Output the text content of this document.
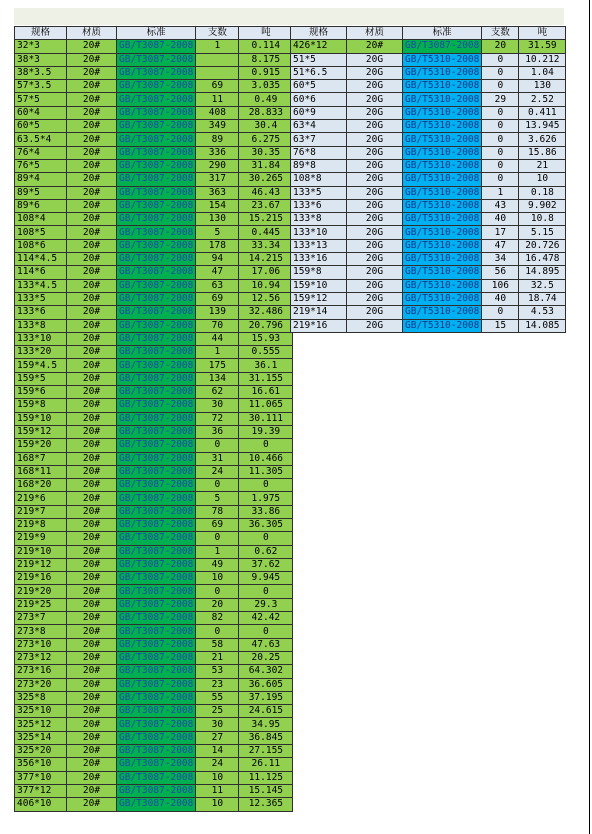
规格	材质	标准	支数	吨
32*3	20#	GB/T3087-2008	1	0.114
38*3	20#	GB/T3087-2008		8.175
38*3.5	20#	GB/T3087-2008		0.915
57*3.5	20#	GB/T3087-2008	69	3.035
57*5	20#	GB/T3087-2008	11	0.49
60*4	20#	GB/T3087-2008	408	28.833
60*5	20#	GB/T3087-2008	349	30.4
63.5*4	20#	GB/T3087-2008	89	6.275
76*4	20#	GB/T3087-2008	336	30.35
76*5	20#	GB/T3087-2008	290	31.84
89*4	20#	GB/T3087-2008	317	30.265
89*5	20#	GB/T3087-2008	363	46.43
89*6	20#	GB/T3087-2008	154	23.67
108*4	20#	GB/T3087-2008	130	15.215
108*5	20#	GB/T3087-2008	5	0.445
108*6	20#	GB/T3087-2008	178	33.34
114*4.5	20#	GB/T3087-2008	94	14.215
114*6	20#	GB/T3087-2008	47	17.06
133*4.5	20#	GB/T3087-2008	63	10.94
133*5	20#	GB/T3087-2008	69	12.56
133*6	20#	GB/T3087-2008	139	32.486
133*8	20#	GB/T3087-2008	70	20.796
133*10	20#	GB/T3087-2008	44	15.93
133*20	20#	GB/T3087-2008	1	0.555
159*4.5	20#	GB/T3087-2008	175	36.1
159*5	20#	GB/T3087-2008	134	31.155
159*6	20#	GB/T3087-2008	62	16.61
159*8	20#	GB/T3087-2008	30	11.065
159*10	20#	GB/T3087-2008	72	30.111
159*12	20#	GB/T3087-2008	36	19.39
159*20	20#	GB/T3087-2008	0	0
168*7	20#	GB/T3087-2008	31	10.466
168*11	20#	GB/T3087-2008	24	11.305
168*20	20#	GB/T3087-2008	0	0
219*6	20#	GB/T3087-2008	5	1.975
219*7	20#	GB/T3087-2008	78	33.86
219*8	20#	GB/T3087-2008	69	36.305
219*9	20#	GB/T3087-2008	0	0
219*10	20#	GB/T3087-2008	1	0.62
219*12	20#	GB/T3087-2008	49	37.62
219*16	20#	GB/T3087-2008	10	9.945
219*20	20#	GB/T3087-2008	0	0
219*25	20#	GB/T3087-2008	20	29.3
273*7	20#	GB/T3087-2008	82	42.42
273*8	20#	GB/T3087-2008	0	0
273*10	20#	GB/T3087-2008	58	47.63
273*12	20#	GB/T3087-2008	21	20.25
273*16	20#	GB/T3087-2008	53	64.302
273*20	20#	GB/T3087-2008	23	36.605
325*8	20#	GB/T3087-2008	55	37.195
325*10	20#	GB/T3087-2008	25	24.615
325*12	20#	GB/T3087-2008	30	34.95
325*14	20#	GB/T3087-2008	27	36.845
325*20	20#	GB/T3087-2008	14	27.155
356*10	20#	GB/T3087-2008	24	26.11
377*10	20#	GB/T3087-2008	10	11.125
377*12	20#	GB/T3087-2008	11	15.145
406*10	20#	GB/T3087-2008	10	12.365
规格	材质	标准	支数	吨
426*12	20#	GB/T3087-2008	20	31.59
51*5	20G	GB/T5310-2008	0	10.212
51*6.5	20G	GB/T5310-2008	0	1.04
60*5	20G	GB/T5310-2008	0	130
60*6	20G	GB/T5310-2008	29	2.52
60*9	20G	GB/T5310-2008	0	0.411
63*4	20G	GB/T5310-2008	0	13.945
63*7	20G	GB/T5310-2008	0	3.626
76*8	20G	GB/T5310-2008	0	15.86
89*8	20G	GB/T5310-2008	0	21
108*8	20G	GB/T5310-2008	0	10
133*5	20G	GB/T5310-2008	1	0.18
133*6	20G	GB/T5310-2008	43	9.902
133*8	20G	GB/T5310-2008	40	10.8
133*10	20G	GB/T5310-2008	17	5.15
133*13	20G	GB/T5310-2008	47	20.726
133*16	20G	GB/T5310-2008	34	16.478
159*8	20G	GB/T5310-2008	56	14.895
159*10	20G	GB/T5310-2008	106	32.5
159*12	20G	GB/T5310-2008	40	18.74
219*14	20G	GB/T5310-2008	0	4.53
219*16	20G	GB/T5310-2008	15	14.085
